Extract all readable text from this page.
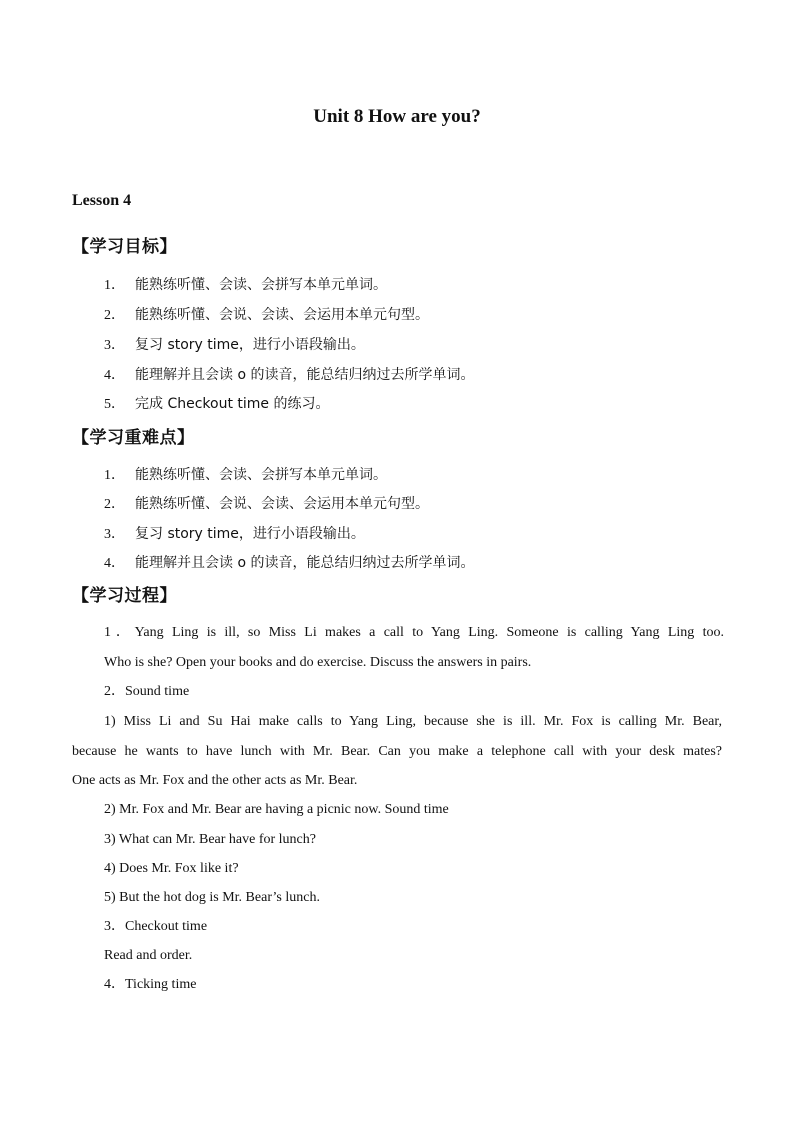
Unit 8 How are you?
Lesson 4
【学习目标】
1． 能熟练听懂、会读、会拼写本单元单词。
2． 能熟练听懂、会说、会读、会运用本单元句型。
3． 复习 story time，进行小语段输出。
4． 能理解并且会读 o 的读音，能总结归纳过去所学单词。
5． 完成 Checkout time 的练习。
【学习重难点】
1． 能熟练听懂、会读、会拼写本单元单词。
2． 能熟练听懂、会说、会读、会运用本单元句型。
3． 复习 story time，进行小语段输出。
4． 能理解并且会读 o 的读音，能总结归纳过去所学单词。
【学习过程】
1．Yang Ling is ill, so Miss Li makes a call to Yang Ling. Someone is calling Yang Ling too.
Who is she? Open your books and do exercise. Discuss the answers in pairs.
2．Sound time
1) Miss Li and Su Hai make calls to Yang Ling, because she is ill. Mr. Fox is calling Mr. Bear,
because he wants to have lunch with Mr. Bear. Can you make a telephone call with your desk mates?
One acts as Mr. Fox and the other acts as Mr. Bear.
2) Mr. Fox and Mr. Bear are having a picnic now. Sound time
3) What can Mr. Bear have for lunch?
4) Does Mr. Fox like it?
5) But the hot dog is Mr. Bear’s lunch.
3．Checkout time
Read and order.
4．Ticking time
